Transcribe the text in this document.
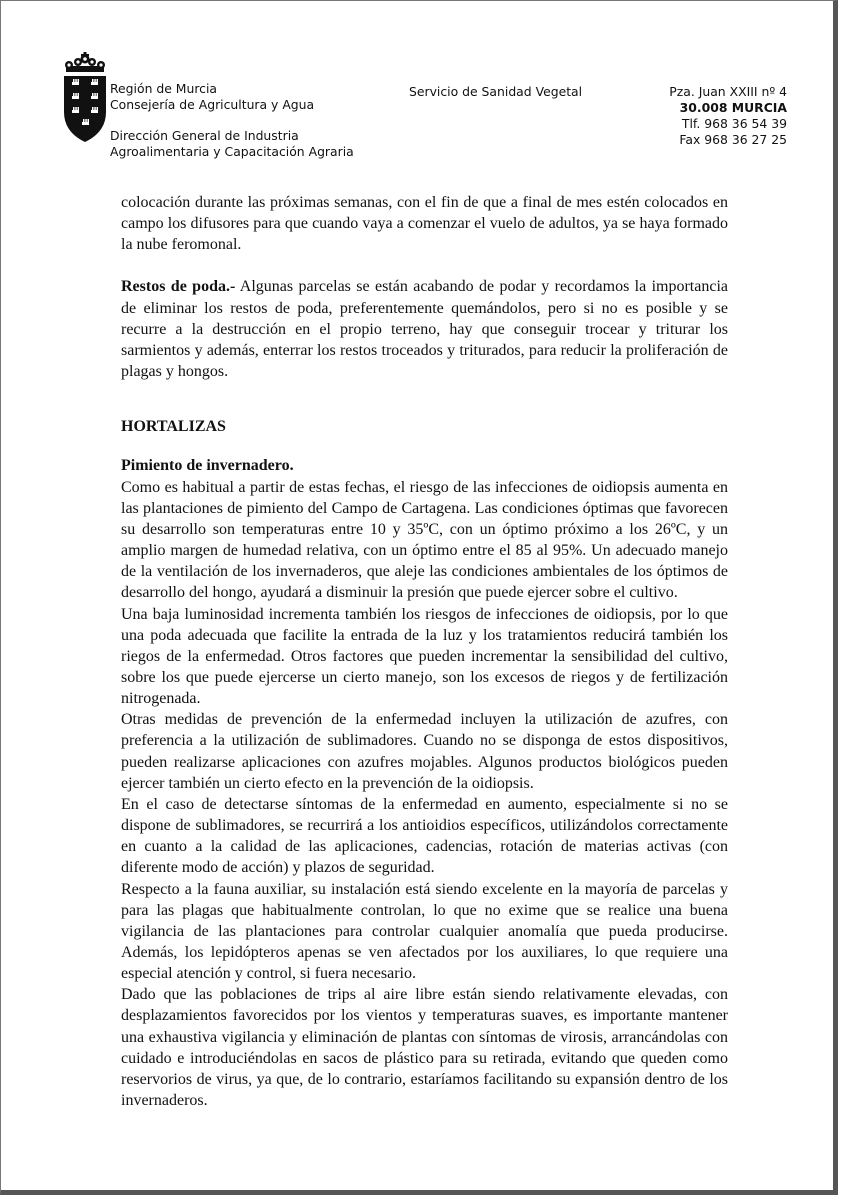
Región de Murcia
Consejería de Agricultura y Agua
Dirección General de Industria
Agroalimentaria y Capacitación Agraria
Servicio de Sanidad Vegetal	Pza. Juan XXIII nº 4
30.008 MURCIA
Tlf. 968 36 54 39
Fax 968 36 27 25

colocación durante las próximas semanas, con el fin de que a final de mes estén colocados en campo los difusores para que cuando vaya a comenzar el vuelo de adultos, ya se haya formado la nube feromonal.

Restos de poda.- Algunas parcelas se están acabando de podar y recordamos la importancia de eliminar los restos de poda, preferentemente quemándolos, pero si no es posible y se recurre a la destrucción en el propio terreno, hay que conseguir trocear y triturar los sarmientos y además, enterrar los restos troceados y triturados, para reducir la proliferación de plagas y hongos.

HORTALIZAS

Pimiento de invernadero.

Como es habitual a partir de estas fechas, el riesgo de las infecciones de oidiopsis aumenta en las plantaciones de pimiento del Campo de Cartagena. Las condiciones óptimas que favorecen su desarrollo son temperaturas entre 10 y 35ºC, con un óptimo próximo a los 26ºC, y un amplio margen de humedad relativa, con un óptimo entre el 85 al 95%. Un adecuado manejo de la ventilación de los invernaderos, que aleje las condiciones ambientales de los óptimos de desarrollo del hongo, ayudará a disminuir la presión que puede ejercer sobre el cultivo.

Una baja luminosidad incrementa también los riesgos de infecciones de oidiopsis, por lo que una poda adecuada que facilite la entrada de la luz y los tratamientos reducirá también los riegos de la enfermedad. Otros factores que pueden incrementar la sensibilidad del cultivo, sobre los que puede ejercerse un cierto manejo, son los excesos de riegos y de fertilización nitrogenada.

Otras medidas de prevención de la enfermedad incluyen la utilización de azufres, con preferencia a la utilización de sublimadores. Cuando no se disponga de estos dispositivos, pueden realizarse aplicaciones con azufres mojables. Algunos productos biológicos pueden ejercer también un cierto efecto en la prevención de la oidiopsis.

En el caso de detectarse síntomas de la enfermedad en aumento, especialmente si no se dispone de sublimadores, se recurrirá a los antioidios específicos, utilizándolos correctamente en cuanto a la calidad de las aplicaciones, cadencias, rotación de materias activas (con diferente modo de acción) y plazos de seguridad.

Respecto a la fauna auxiliar, su instalación está siendo excelente en la mayoría de parcelas y para las plagas que habitualmente controlan, lo que no exime que se realice una buena vigilancia de las plantaciones para controlar cualquier anomalía que pueda producirse. Además, los lepidópteros apenas se ven afectados por los auxiliares, lo que requiere una especial atención y control, si fuera necesario.

Dado que las poblaciones de trips al aire libre están siendo relativamente elevadas, con desplazamientos favorecidos por los vientos y temperaturas suaves, es importante mantener una exhaustiva vigilancia y eliminación de plantas con síntomas de virosis, arrancándolas con cuidado e introduciéndolas en sacos de plástico para su retirada, evitando que queden como reservorios de virus, ya que, de lo contrario, estaríamos facilitando su expansión dentro de los invernaderos.
